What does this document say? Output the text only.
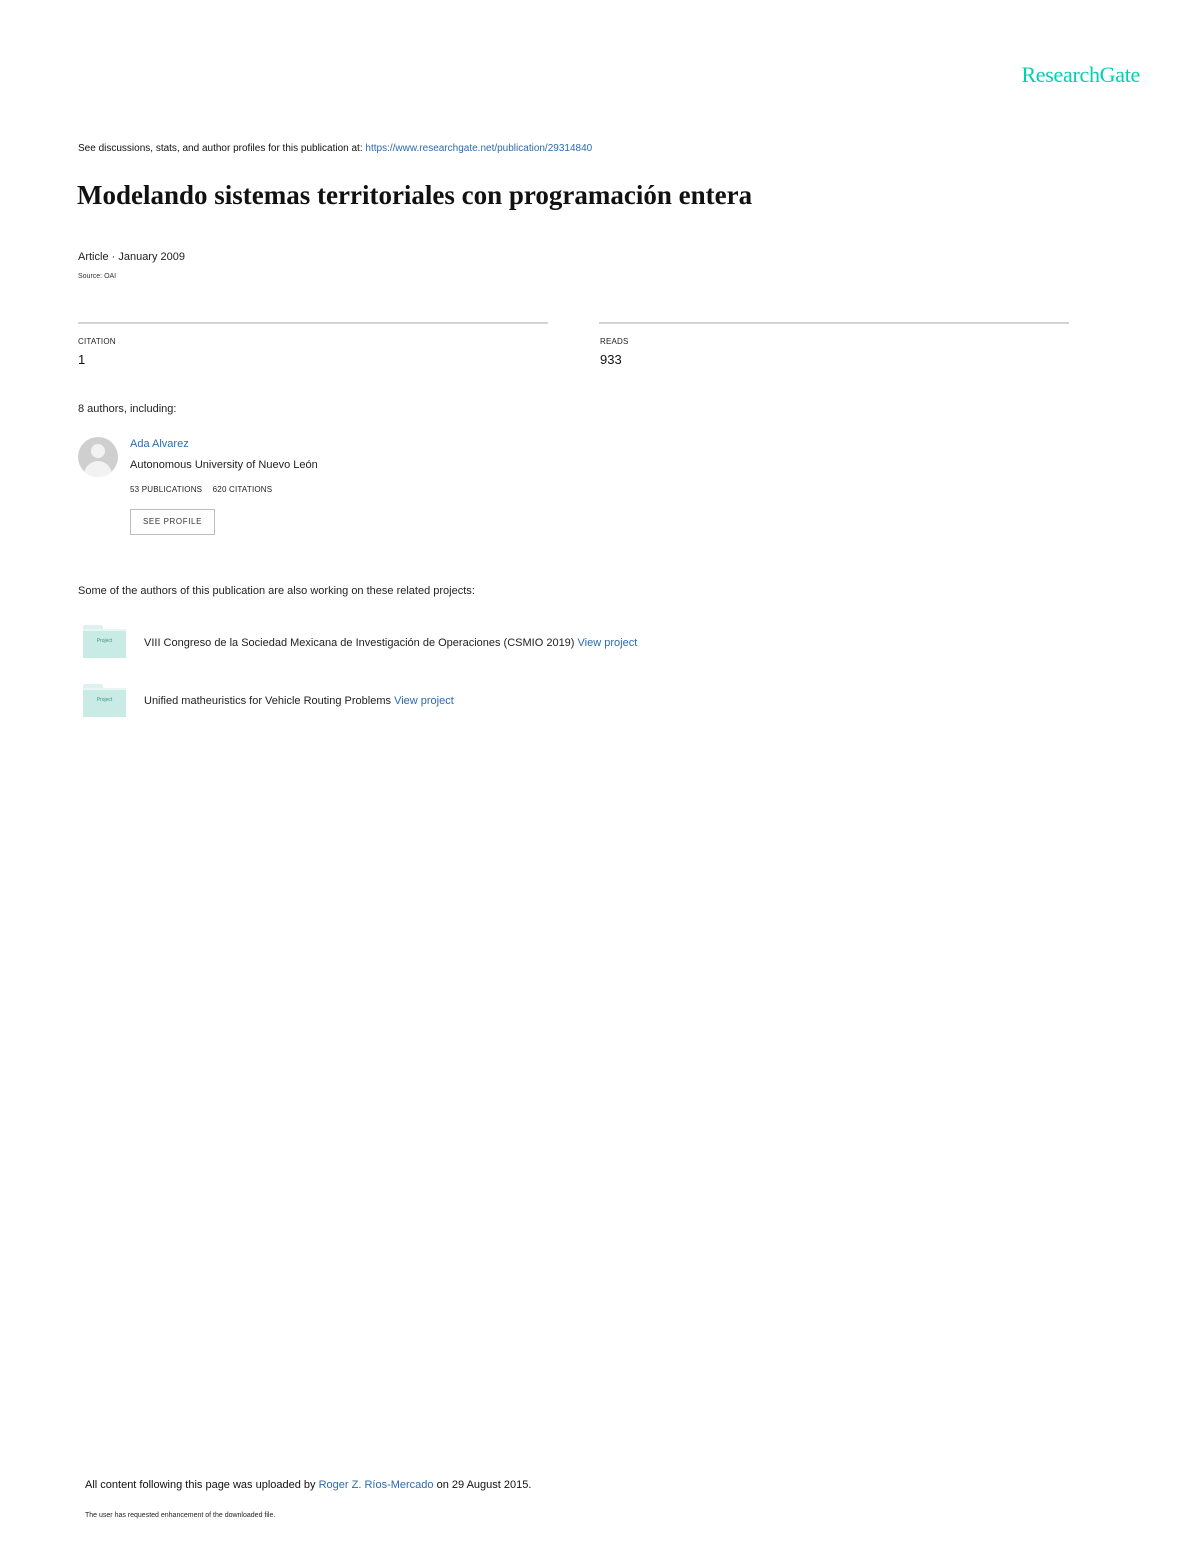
ResearchGate
See discussions, stats, and author profiles for this publication at: https://www.researchgate.net/publication/29314840
Modelando sistemas territoriales con programación entera
Article · January 2009
Source: OAI
CITATION
1
READS
933
8 authors, including:
Ada Alvarez
Autonomous University of Nuevo León
53 PUBLICATIONS 620 CITATIONS
SEE PROFILE
Some of the authors of this publication are also working on these related projects:
Project	VIII Congreso de la Sociedad Mexicana de Investigación de Operaciones (CSMIO 2019) View project
Project	Unified matheuristics for Vehicle Routing Problems View project
All content following this page was uploaded by Roger Z. Ríos-Mercado on 29 August 2015.
The user has requested enhancement of the downloaded file.
